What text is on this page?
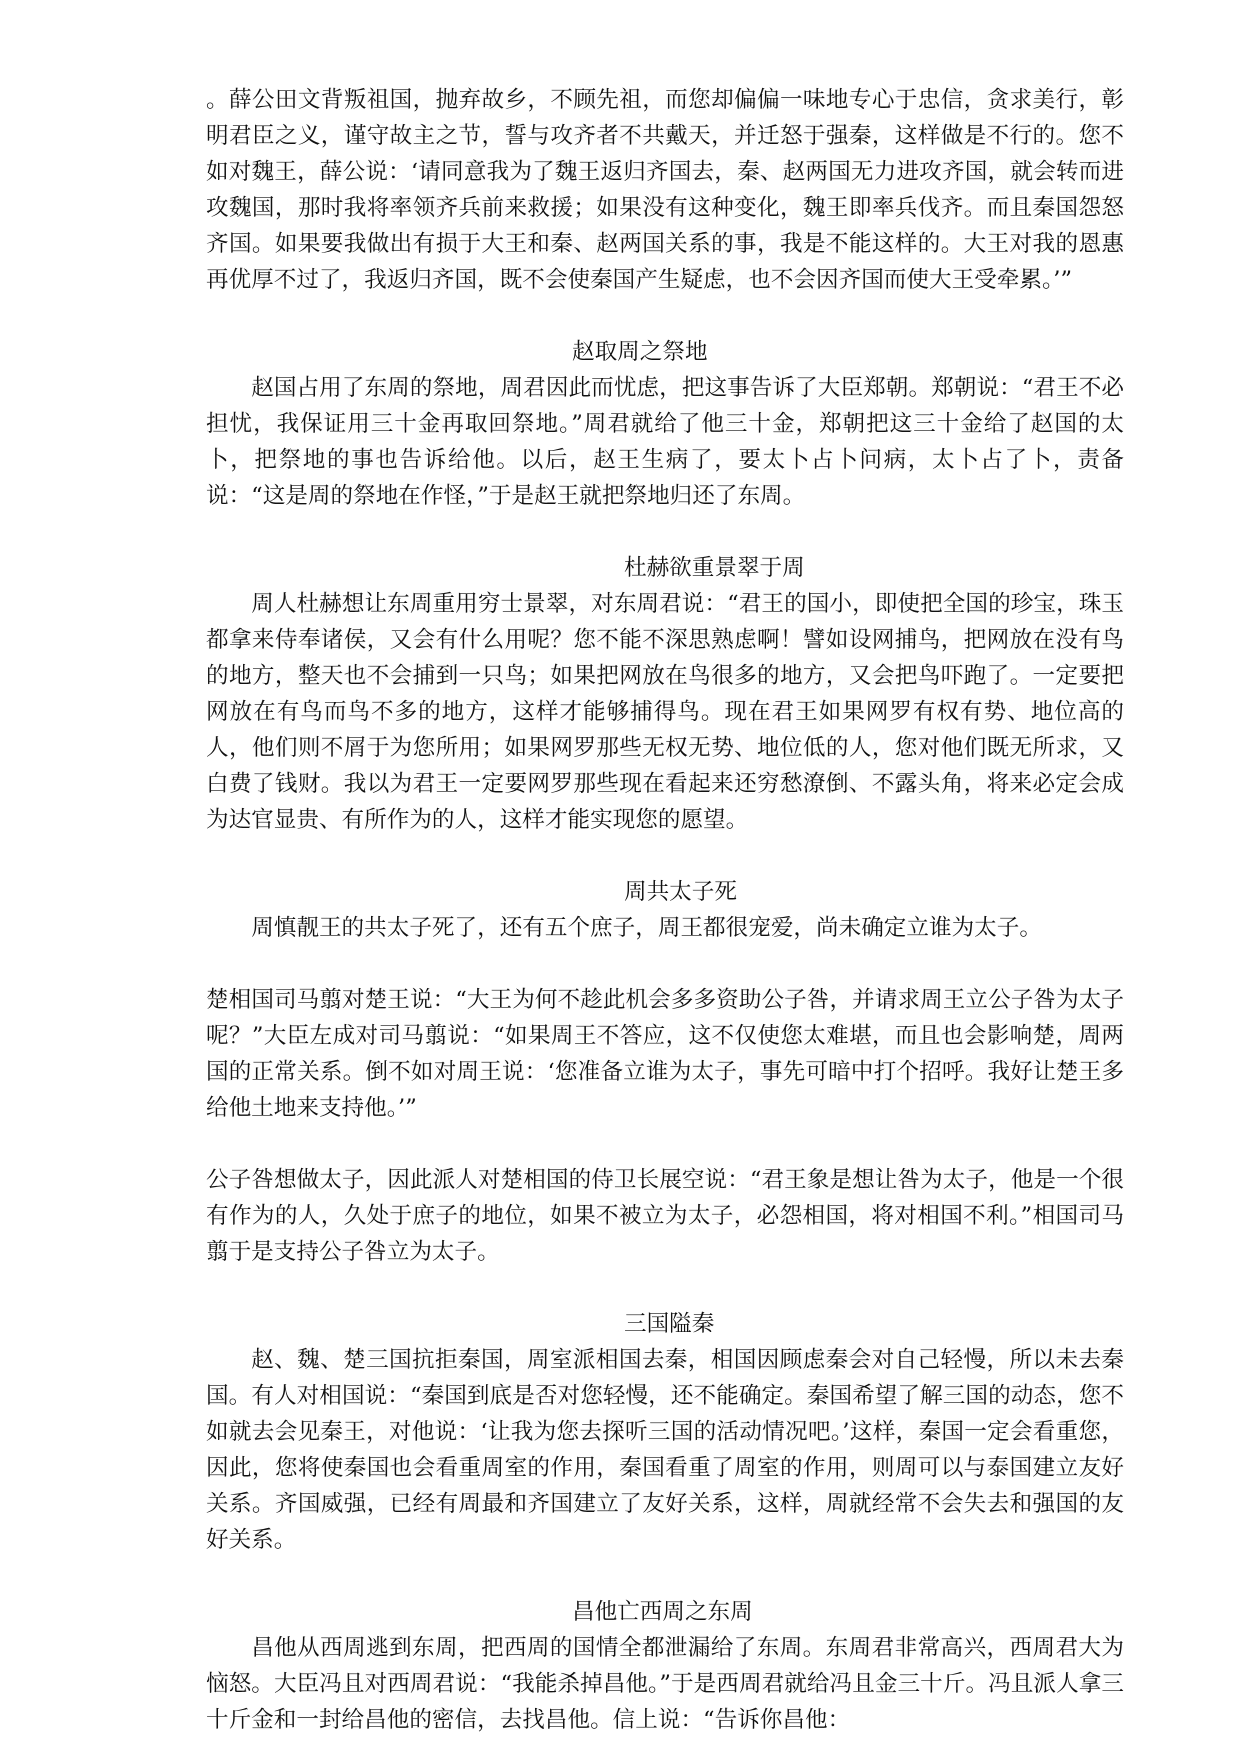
。薛公田文背叛祖国，抛弃故乡，不顾先祖，而您却偏偏一味地专心于忠信，贪求美行，彰明君臣之义，谨守故主之节，誓与攻齐者不共戴天，并迁怒于强秦，这样做是不行的。您不如对魏王，薛公说：‘请同意我为了魏王返归齐国去，秦、赵两国无力进攻齐国，就会转而进攻魏国，那时我将率领齐兵前来救援；如果没有这种变化，魏王即率兵伐齐。而且秦国怨怒齐国。如果要我做出有损于大王和秦、赵两国关系的事，我是不能这样的。大王对我的恩惠再优厚不过了，我返归齐国，既不会使秦国产生疑虑，也不会因齐国而使大王受牵累。’”

赵取周之祭地

赵国占用了东周的祭地，周君因此而忧虑，把这事告诉了大臣郑朝。郑朝说：“君王不必担忧，我保证用三十金再取回祭地。”周君就给了他三十金，郑朝把这三十金给了赵国的太卜，把祭地的事也告诉给他。以后，赵王生病了，要太卜占卜问病，太卜占了卜，责备说：“这是周的祭地在作怪，”于是赵王就把祭地归还了东周。

杜赫欲重景翠于周

周人杜赫想让东周重用穷士景翠，对东周君说：“君王的国小，即使把全国的珍宝，珠玉都拿来侍奉诸侯，又会有什么用呢？您不能不深思熟虑啊！譬如设网捕鸟，把网放在没有鸟的地方，整天也不会捕到一只鸟；如果把网放在鸟很多的地方，又会把鸟吓跑了。一定要把网放在有鸟而鸟不多的地方，这样才能够捕得鸟。现在君王如果网罗有权有势、地位高的人，他们则不屑于为您所用；如果网罗那些无权无势、地位低的人，您对他们既无所求，又白费了钱财。我以为君王一定要网罗那些现在看起来还穷愁潦倒、不露头角，将来必定会成为达官显贵、有所作为的人，这样才能实现您的愿望。

周共太子死

周慎靓王的共太子死了，还有五个庶子，周王都很宠爱，尚未确定立谁为太子。

楚相国司马翦对楚王说：“大王为何不趁此机会多多资助公子咎，并请求周王立公子咎为太子呢？”大臣左成对司马翦说：“如果周王不答应，这不仅使您太难堪，而且也会影响楚，周两国的正常关系。倒不如对周王说：‘您准备立谁为太子，事先可暗中打个招呼。我好让楚王多给他土地来支持他。’”

公子咎想做太子，因此派人对楚相国的侍卫长展空说：“君王象是想让咎为太子，他是一个很有作为的人，久处于庶子的地位，如果不被立为太子，必怨相国，将对相国不利。”相国司马翦于是支持公子咎立为太子。

三国隘秦

赵、魏、楚三国抗拒秦国，周室派相国去秦，相国因顾虑秦会对自己轻慢，所以未去秦国。有人对相国说：“秦国到底是否对您轻慢，还不能确定。秦国希望了解三国的动态，您不如就去会见秦王，对他说：‘让我为您去探听三国的活动情况吧。’这样，秦国一定会看重您，因此，您将使秦国也会看重周室的作用，秦国看重了周室的作用，则周可以与泰国建立友好关系。齐国威强，已经有周最和齐国建立了友好关系，这样，周就经常不会失去和强国的友好关系。

昌他亡西周之东周

昌他从西周逃到东周，把西周的国情全都泄漏给了东周。东周君非常高兴，西周君大为恼怒。大臣冯且对西周君说：“我能杀掉昌他。”于是西周君就给冯且金三十斤。冯且派人拿三十斤金和一封给昌他的密信，去找昌他。信上说：“告诉你昌他：
